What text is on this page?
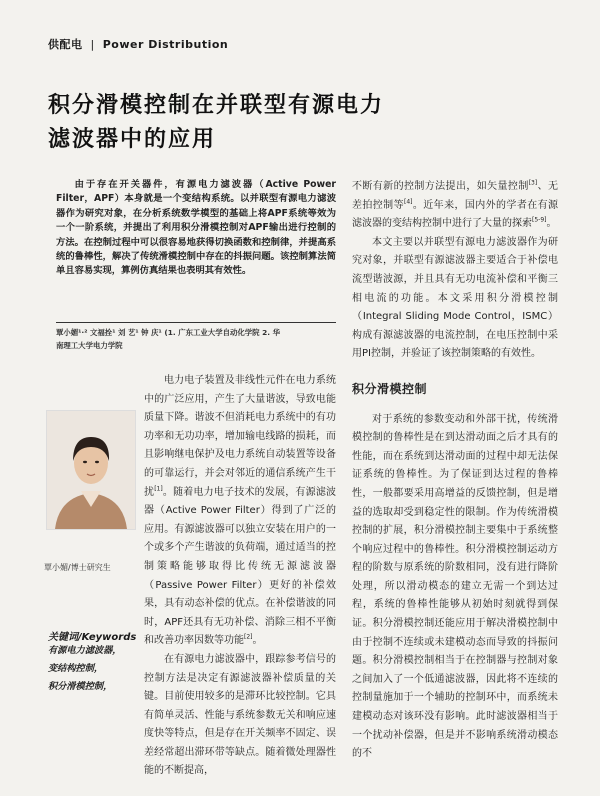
供配电 | Power Distribution
积分滑模控制在并联型有源电力
滤波器中的应用
由于存在开关器件，有源电力滤波器（Active Power Filter，APF）本身就是一个变结构系统。以并联型有源电力滤波器作为研究对象，在分析系统数学模型的基础上将APF系统等效为一个一阶系统，并提出了利用积分滑模控制对APF输出进行控制的方法。在控制过程中可以很容易地获得切换函数和控制律，并提高系统的鲁棒性，解决了传统滑模控制中存在的抖振问题。该控制算法简单且容易实现，算例仿真结果也表明其有效性。
覃小媚¹·² 文福拴¹ 刘 艺¹ 钟 庆¹ (1. 广东工业大学自动化学院 2. 华
南理工大学电力学院
覃小媚/博士研究生
关键词/Keywords
有源电力滤波器，
变结构控制，
积分滑模控制，

电力电子装置及非线性元件在电力系统中的广泛应用，产生了大量谐波，导致电能质量下降。谐波不但消耗电力系统中的有功功率和无功功率，增加输电线路的损耗，而且影响继电保护及电力系统自动装置等设备的可靠运行，并会对邻近的通信系统产生干扰[1]。随着电力电子技术的发展，有源滤波器（Active Power Filter）得到了广泛的应用。有源滤波器可以独立安装在用户的一个或多个产生谐波的负荷端，通过适当的控制策略能够取得比传统无源滤波器（Passive Power Filter）更好的补偿效果，具有动态补偿的优点。在补偿谐波的同时，APF还具有无功补偿、消除三相不平衡和改善功率因数等功能[2]。

在有源电力滤波器中，跟踪参考信号的控制方法是决定有源滤波器补偿质量的关键。目前使用较多的是滞环比较控制。它具有简单灵活、性能与系统参数无关和响应速度快等特点，但是存在开关频率不固定、误差经常超出滞环带等缺点。随着微处理器性能的不断提高，

不断有新的控制方法提出，如矢量控制[3]、无差拍控制等[4]。近年来，国内外的学者在有源滤波器的变结构控制中进行了大量的探索[5-9]。

本文主要以并联型有源电力滤波器作为研究对象，并联型有源滤波器主要适合于补偿电流型谐波源，并且具有无功电流补偿和平衡三相电流的功能。本文采用积分滑模控制（Integral Sliding Mode Control，ISMC）构成有源滤波器的电流控制，在电压控制中采用PI控制，并验证了该控制策略的有效性。

积分滑模控制

对于系统的参数变动和外部干扰，传统滑模控制的鲁棒性是在到达滑动面之后才具有的性能，而在系统到达滑动面的过程中却无法保证系统的鲁棒性。为了保证到达过程的鲁棒性，一般都要采用高增益的反馈控制，但是增益的选取却受到稳定性的限制。作为传统滑模控制的扩展，积分滑模控制主要集中于系统整个响应过程中的鲁棒性。积分滑模控制运动方程的阶数与原系统的阶数相同，没有进行降阶处理，所以滑动模态的建立无需一个到达过程，系统的鲁棒性能够从初始时刻就得到保证。积分滑模控制还能应用于解决滑模控制中由于控制不连续或未建模动态而导致的抖振问题。积分滑模控制相当于在控制器与控制对象之间加入了一个低通滤波器，因此将不连续的控制量施加于一个辅助的控制环中，而系统未建模动态对该环没有影响。此时滤波器相当于一个扰动补偿器，但是并不影响系统滑动模态的不
